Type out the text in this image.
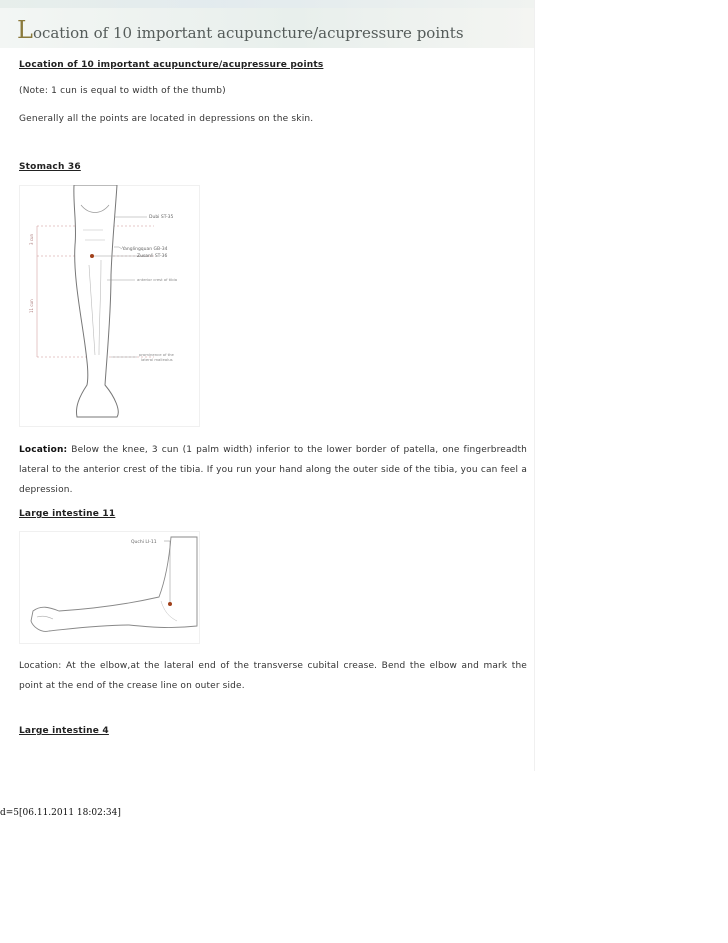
Location of 10 important acupuncture/acupressure points

Location of 10 important acupuncture/acupressure points

(Note: 1 cun is equal to width of the thumb)

Generally all the points are located in depressions on the skin.

Stomach 36

3 cun
11 cun
Dubi ST-35
Yanglingquan GB-34
Zusanli ST-36
anterior crest of tibia
prominence of the
lateral malleolus

Location: Below the knee, 3 cun (1 palm width) inferior to the lower border of patella, one fingerbreadth lateral to the anterior crest of the tibia. If you run your hand along the outer side of the tibia, you can feel a depression.

Large intestine 11

Quchi LI-11

Location: At the elbow,at the lateral end of the transverse cubital crease. Bend the elbow and mark the point at the end of the crease line on outer side.

Large intestine 4

d=5[06.11.2011 18:02:34]
